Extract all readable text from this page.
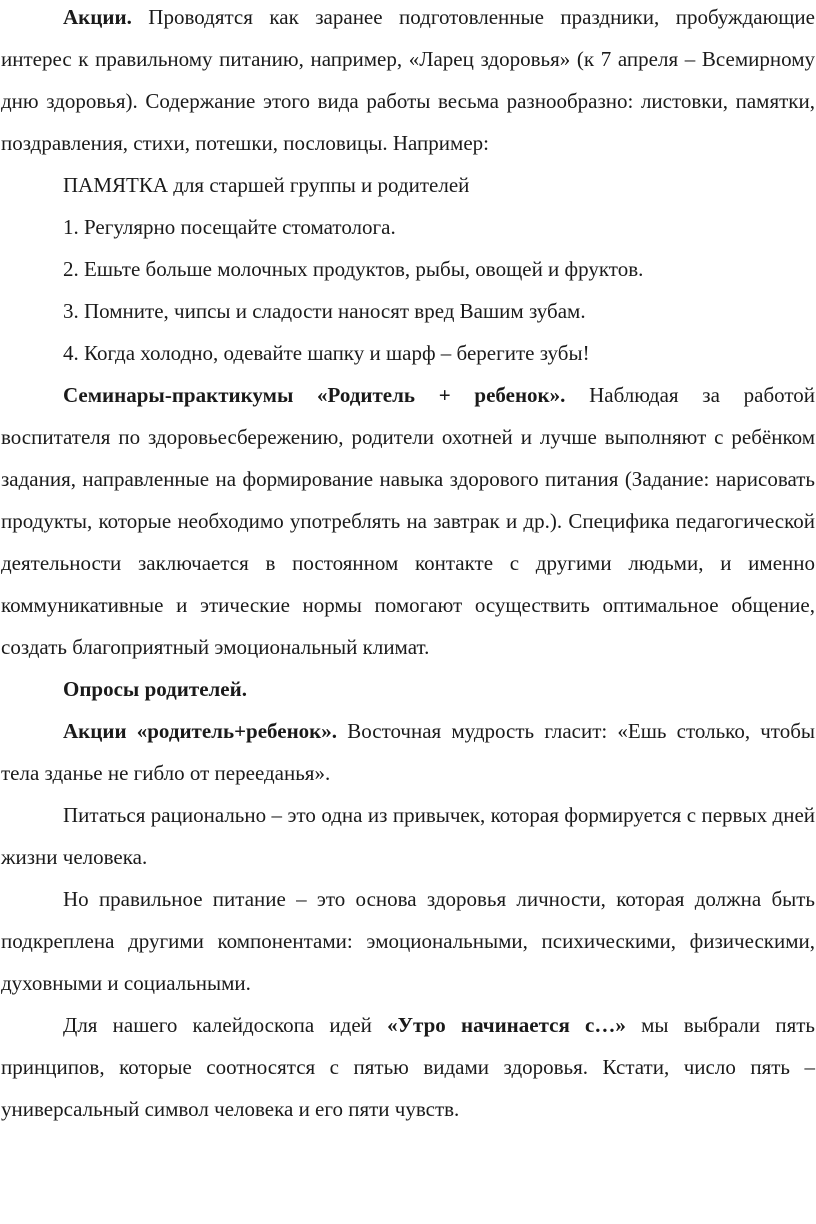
Акции. Проводятся как заранее подготовленные праздники, пробуждающие интерес к правильному питанию, например, «Ларец здоровья» (к 7 апреля – Всемирному дню здоровья). Содержание этого вида работы весьма разнообразно: листовки, памятки, поздравления, стихи, потешки, пословицы. Например:

ПАМЯТКА для старшей группы и родителей

1. Регулярно посещайте стоматолога.

2. Ешьте больше молочных продуктов, рыбы, овощей и фруктов.

3. Помните, чипсы и сладости наносят вред Вашим зубам.

4. Когда холодно, одевайте шапку и шарф – берегите зубы!

Семинары-практикумы «Родитель + ребенок». Наблюдая за работой воспитателя по здоровьесбережению, родители охотней и лучше выполняют с ребёнком задания, направленные на формирование навыка здорового питания (Задание: нарисовать продукты, которые необходимо употреблять на завтрак и др.). Специфика педагогической деятельности заключается в постоянном контакте с другими людьми, и именно коммуникативные и этические нормы помогают осуществить оптимальное общение, создать благоприятный эмоциональный климат.

Опросы родителей.

Акции «родитель+ребенок». Восточная мудрость гласит: «Ешь столько, чтобы тела зданье не гибло от перееданья».

Питаться рационально – это одна из привычек, которая формируется с первых дней жизни человека.

Но правильное питание – это основа здоровья личности, которая должна быть подкреплена другими компонентами: эмоциональными, психическими, физическими, духовными и социальными.

Для нашего калейдоскопа идей «Утро начинается с…» мы выбрали пять принципов, которые соотносятся с пятью видами здоровья. Кстати, число пять – универсальный символ человека и его пяти чувств.
